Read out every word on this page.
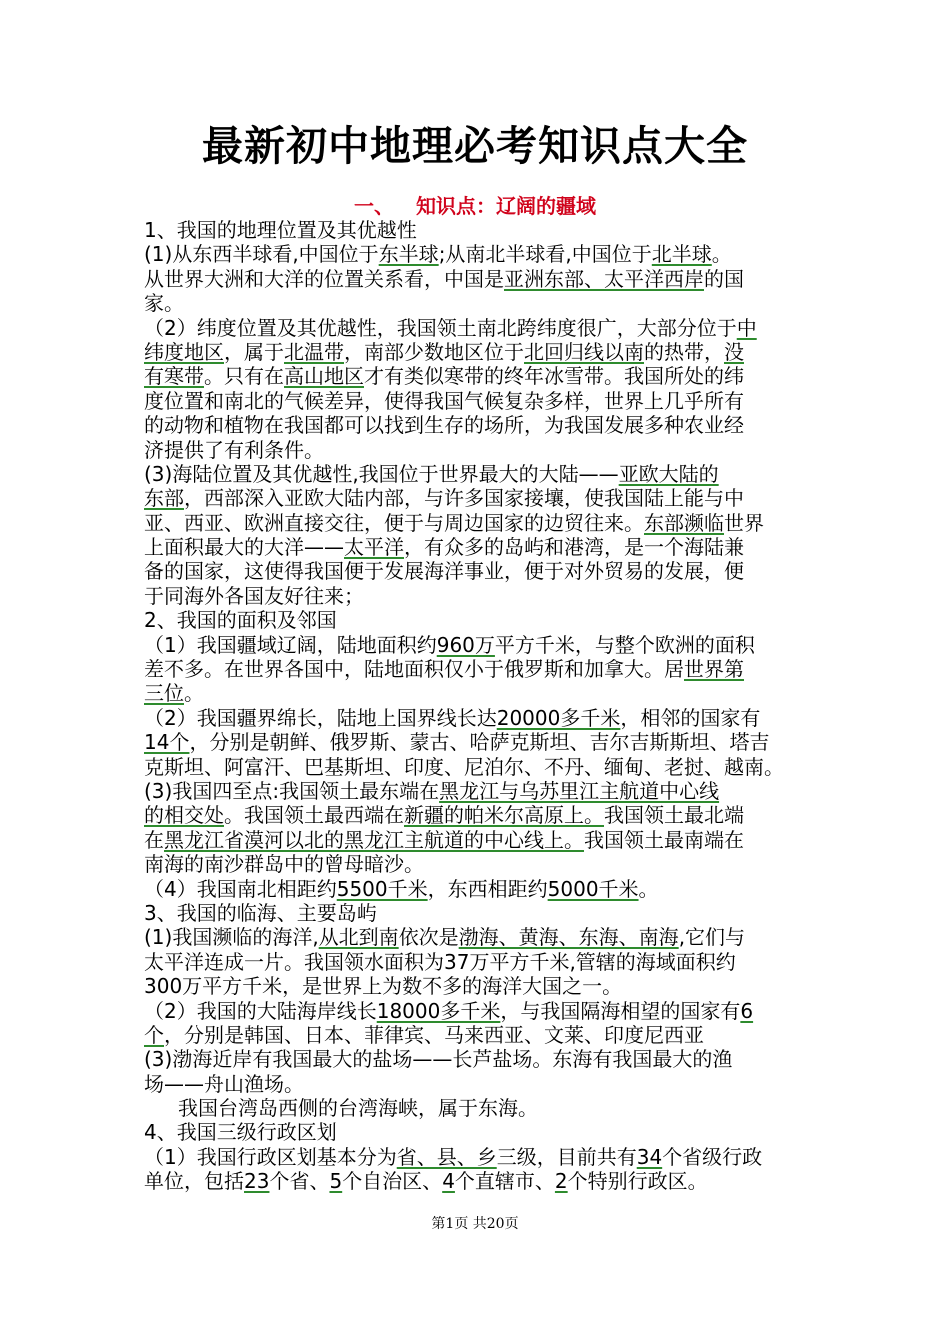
最新初中地理必考知识点大全
一、 知识点：辽阔的疆域
1、我国的地理位置及其优越性
(1)从东西半球看,中国位于东半球;从南北半球看,中国位于北半球。
从世界大洲和大洋的位置关系看，中国是亚洲东部、太平洋西岸的国
家。
（2）纬度位置及其优越性，我国领土南北跨纬度很广，大部分位于中
纬度地区，属于北温带，南部少数地区位于北回归线以南的热带，没
有寒带。只有在高山地区才有类似寒带的终年冰雪带。我国所处的纬
度位置和南北的气候差异，使得我国气候复杂多样，世界上几乎所有
的动物和植物在我国都可以找到生存的场所，为我国发展多种农业经
济提供了有利条件。
(3)海陆位置及其优越性,我国位于世界最大的大陆——亚欧大陆的
东部，西部深入亚欧大陆内部，与许多国家接壤，使我国陆上能与中
亚、西亚、欧洲直接交往，便于与周边国家的边贸往来。东部濒临世界
上面积最大的大洋——太平洋，有众多的岛屿和港湾，是一个海陆兼
备的国家，这使得我国便于发展海洋事业，便于对外贸易的发展，便
于同海外各国友好往来；
2、我国的面积及邻国
（1）我国疆域辽阔，陆地面积约960万平方千米，与整个欧洲的面积
差不多。在世界各国中，陆地面积仅小于俄罗斯和加拿大。居世界第
三位。
（2）我国疆界绵长，陆地上国界线长达20000多千米，相邻的国家有
14个，分别是朝鲜、俄罗斯、蒙古、哈萨克斯坦、吉尔吉斯斯坦、塔吉
克斯坦、阿富汗、巴基斯坦、印度、尼泊尔、不丹、缅甸、老挝、越南。
(3)我国四至点:我国领土最东端在黑龙江与乌苏里江主航道中心线
的相交处。我国领土最西端在新疆的帕米尔高原上。我国领土最北端
在黑龙江省漠河以北的黑龙江主航道的中心线上。我国领土最南端在
南海的南沙群岛中的曾母暗沙。
（4）我国南北相距约5500千米，东西相距约5000千米。
3、我国的临海、主要岛屿
(1)我国濒临的海洋,从北到南依次是渤海、黄海、东海、南海,它们与
太平洋连成一片。我国领水面积为37万平方千米,管辖的海域面积约
300万平方千米，是世界上为数不多的海洋大国之一。
（2）我国的大陆海岸线长18000多千米，与我国隔海相望的国家有6
个，分别是韩国、日本、菲律宾、马来西亚、文莱、印度尼西亚
(3)渤海近岸有我国最大的盐场——长芦盐场。东海有我国最大的渔
场——舟山渔场。
我国台湾岛西侧的台湾海峡，属于东海。
4、我国三级行政区划
（1）我国行政区划基本分为省、县、乡三级，目前共有34个省级行政
单位，包括23个省、5个自治区、4个直辖市、2个特别行政区。
第1页 共20页
